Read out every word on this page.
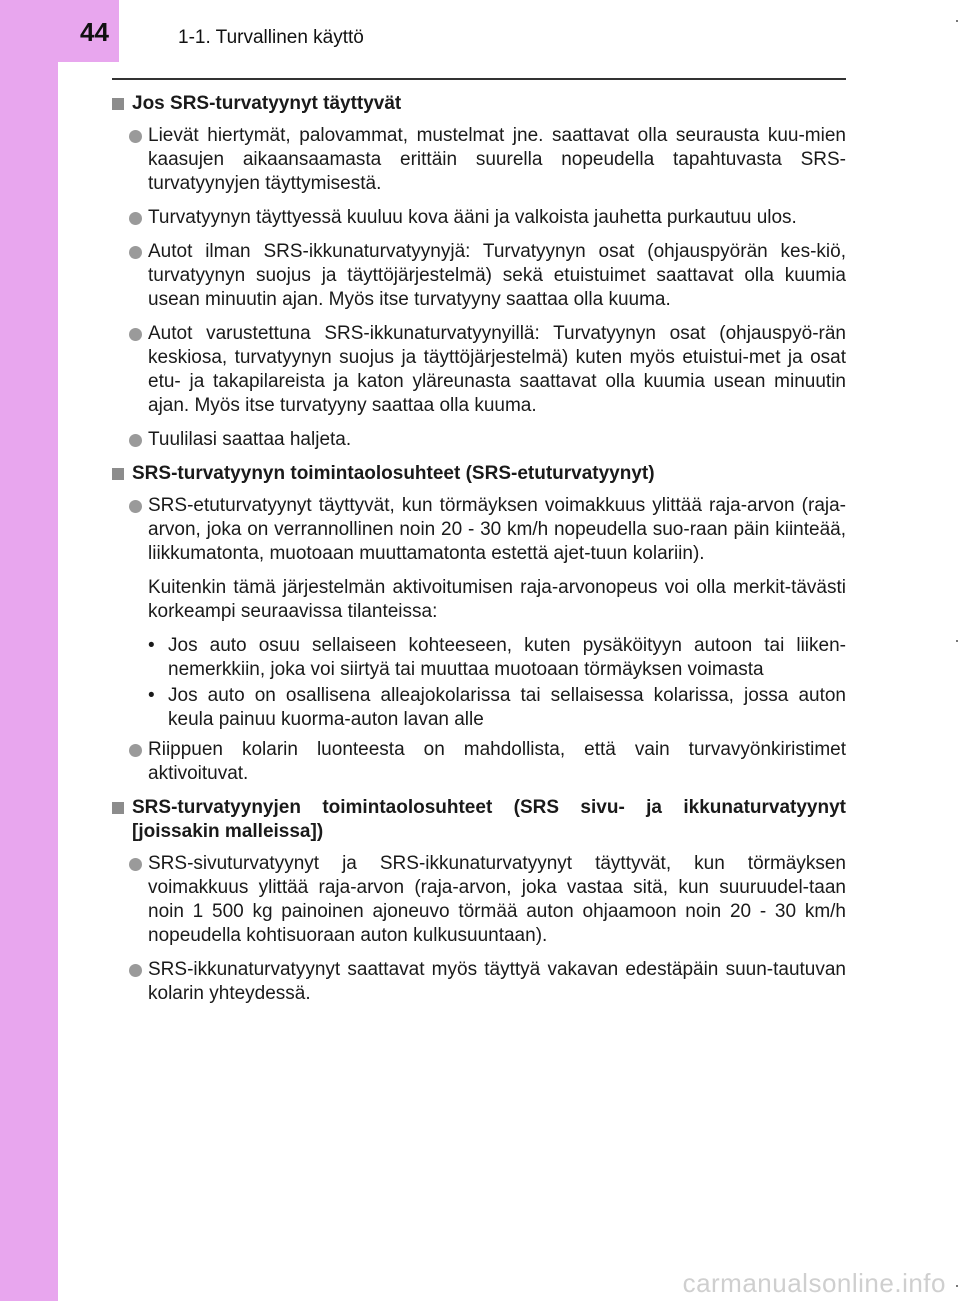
44	1-1. Turvallinen käyttö
Jos SRS-turvatyynyt täyttyvät
Lievät hiertymät, palovammat, mustelmat jne. saattavat olla seurausta kuu-mien kaasujen aikaansaamasta erittäin suurella nopeudella tapahtuvasta SRS-turvatyynyjen täyttymisestä.
Turvatyynyn täyttyessä kuuluu kova ääni ja valkoista jauhetta purkautuu ulos.
Autot ilman SRS-ikkunaturvatyynyjä: Turvatyynyn osat (ohjauspyörän kes-kiö, turvatyynyn suojus ja täyttöjärjestelmä) sekä etuistuimet saattavat olla kuumia usean minuutin ajan. Myös itse turvatyyny saattaa olla kuuma.
Autot varustettuna SRS-ikkunaturvatyynyillä: Turvatyynyn osat (ohjauspyö-rän keskiosa, turvatyynyn suojus ja täyttöjärjestelmä) kuten myös etuistui-met ja osat etu- ja takapilareista ja katon yläreunasta saattavat olla kuumia usean minuutin ajan. Myös itse turvatyyny saattaa olla kuuma.
Tuulilasi saattaa haljeta.
SRS-turvatyynyn toimintaolosuhteet (SRS-etuturvatyynyt)
SRS-etuturvatyynyt täyttyvät, kun törmäyksen voimakkuus ylittää raja-arvon (raja-arvon, joka on verrannollinen noin 20 - 30 km/h nopeudella suo-raan päin kiinteää, liikkumatonta, muotoaan muuttamatonta estettä ajet-tuun kolariin).
Kuitenkin tämä järjestelmän aktivoitumisen raja-arvonopeus voi olla merkit-tävästi korkeampi seuraavissa tilanteissa:
• Jos auto osuu sellaiseen kohteeseen, kuten pysäköityyn autoon tai liiken-nemerkkiin, joka voi siirtyä tai muuttaa muotoaan törmäyksen voimasta
• Jos auto on osallisena alleajokolarissa tai sellaisessa kolarissa, jossa auton keula painuu kuorma-auton lavan alle
Riippuen kolarin luonteesta on mahdollista, että vain turvavyönkiristimet aktivoituvat.
SRS-turvatyynyjen toimintaolosuhteet (SRS sivu- ja ikkunaturvatyynyt [joissakin malleissa])
SRS-sivuturvatyynyt ja SRS-ikkunaturvatyynyt täyttyvät, kun törmäyksen voimakkuus ylittää raja-arvon (raja-arvon, joka vastaa sitä, kun suuruudel-taan noin 1 500 kg painoinen ajoneuvo törmää auton ohjaamoon noin 20 - 30 km/h nopeudella kohtisuoraan auton kulkusuuntaan).
SRS-ikkunaturvatyynyt saattavat myös täyttyä vakavan edestäpäin suun-tautuvan kolarin yhteydessä.
carmanualsonline.info
